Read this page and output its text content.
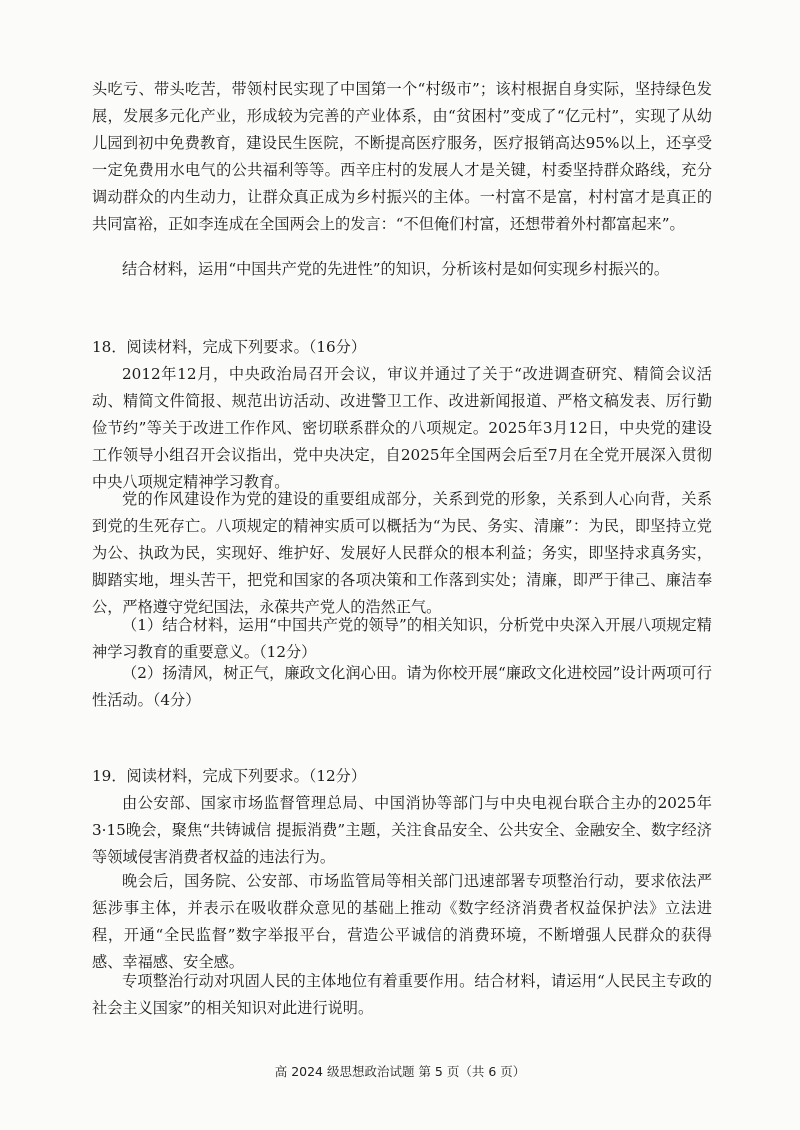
头吃亏、带头吃苦，带领村民实现了中国第一个“村级市”；该村根据自身实际，坚持绿色发展，发展多元化产业，形成较为完善的产业体系，由“贫困村”变成了“亿元村”，实现了从幼儿园到初中免费教育，建设民生医院，不断提高医疗服务，医疗报销高达95%以上，还享受一定免费用水电气的公共福利等等。西辛庄村的发展人才是关键，村委坚持群众路线，充分调动群众的内生动力，让群众真正成为乡村振兴的主体。一村富不是富，村村富才是真正的共同富裕，正如李连成在全国两会上的发言：“不但俺们村富，还想带着外村都富起来”。
结合材料，运用“中国共产党的先进性”的知识，分析该村是如何实现乡村振兴的。
18．阅读材料，完成下列要求。（16分）
2012年12月，中央政治局召开会议，审议并通过了关于“改进调查研究、精简会议活动、精简文件简报、规范出访活动、改进警卫工作、改进新闻报道、严格文稿发表、厉行勤俭节约”等关于改进工作作风、密切联系群众的八项规定。2025年3月12日，中央党的建设工作领导小组召开会议指出，党中央决定，自2025年全国两会后至7月在全党开展深入贯彻中央八项规定精神学习教育。
党的作风建设作为党的建设的重要组成部分，关系到党的形象，关系到人心向背，关系到党的生死存亡。八项规定的精神实质可以概括为“为民、务实、清廉”：为民，即坚持立党为公、执政为民，实现好、维护好、发展好人民群众的根本利益；务实，即坚持求真务实，脚踏实地，埋头苦干，把党和国家的各项决策和工作落到实处；清廉，即严于律己、廉洁奉公，严格遵守党纪国法，永葆共产党人的浩然正气。
（1）结合材料，运用“中国共产党的领导”的相关知识，分析党中央深入开展八项规定精神学习教育的重要意义。（12分）
（2）扬清风，树正气，廉政文化润心田。请为你校开展“廉政文化进校园”设计两项可行性活动。（4分）
19．阅读材料，完成下列要求。（12分）
由公安部、国家市场监督管理总局、中国消协等部门与中央电视台联合主办的2025年3·15晚会，聚焦“共铸诚信 提振消费”主题，关注食品安全、公共安全、金融安全、数字经济等领域侵害消费者权益的违法行为。
晚会后，国务院、公安部、市场监管局等相关部门迅速部署专项整治行动，要求依法严惩涉事主体，并表示在吸收群众意见的基础上推动《数字经济消费者权益保护法》立法进程，开通“全民监督”数字举报平台，营造公平诚信的消费环境，不断增强人民群众的获得感、幸福感、安全感。
专项整治行动对巩固人民的主体地位有着重要作用。结合材料，请运用“人民民主专政的社会主义国家”的相关知识对此进行说明。
高 2024 级思想政治试题 第 5 页（共 6 页）
